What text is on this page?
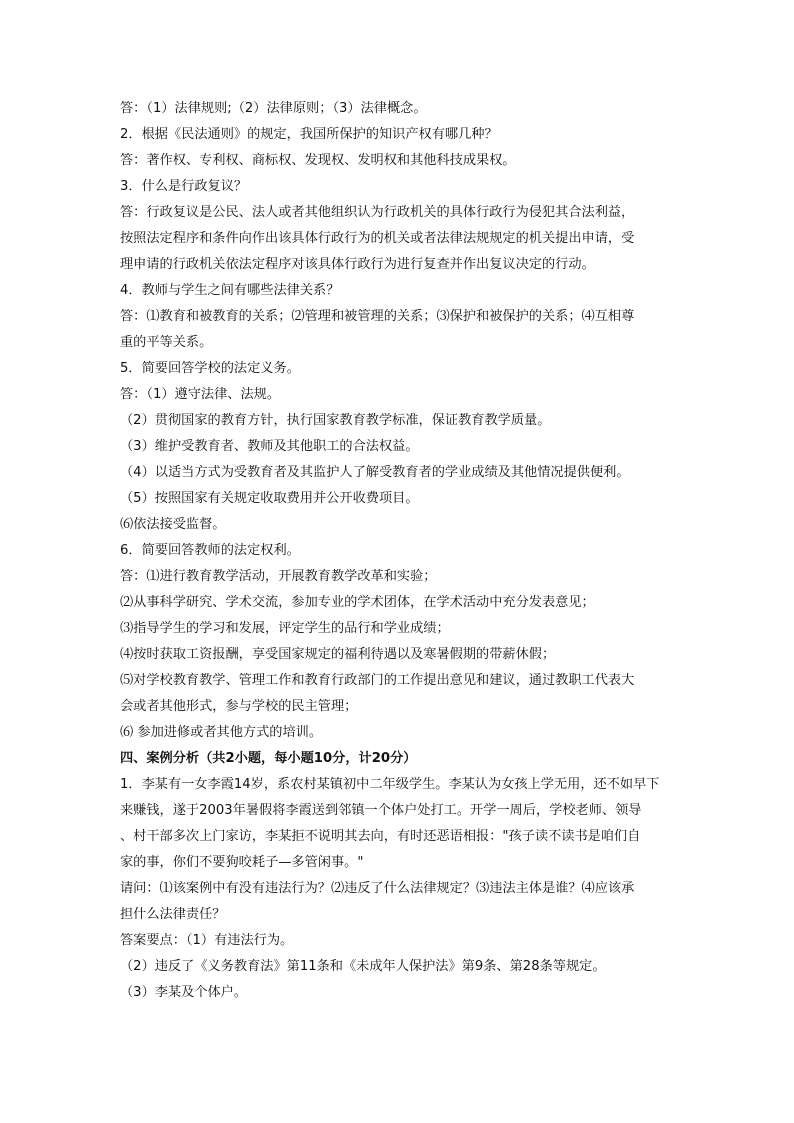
答：（1）法律规则;（2）法律原则；（3）法律概念。
2．根据《民法通则》的规定，我国所保护的知识产权有哪几种？
答：著作权、专利权、商标权、发现权、发明权和其他科技成果权。
3．什么是行政复议？
答：行政复议是公民、法人或者其他组织认为行政机关的具体行政行为侵犯其合法利益，
按照法定程序和条件向作出该具体行政行为的机关或者法律法规规定的机关提出申请，受
理申请的行政机关依法定程序对该具体行政行为进行复查并作出复议决定的行动。
4．教师与学生之间有哪些法律关系？
答：⑴教育和被教育的关系；⑵管理和被管理的关系；⑶保护和被保护的关系；⑷互相尊
重的平等关系。
5．简要回答学校的法定义务。
答：（1）遵守法律、法规。
（2）贯彻国家的教育方针，执行国家教育教学标准，保证教育教学质量。
（3）维护受教育者、教师及其他职工的合法权益。
（4）以适当方式为受教育者及其监护人了解受教育者的学业成绩及其他情况提供便利。
（5）按照国家有关规定收取费用并公开收费项目。
⑹依法接受监督。
6．简要回答教师的法定权利。
答：⑴进行教育教学活动，开展教育教学改革和实验；
⑵从事科学研究、学术交流，参加专业的学术团体，在学术活动中充分发表意见；
⑶指导学生的学习和发展，评定学生的品行和学业成绩；
⑷按时获取工资报酬，享受国家规定的福利待遇以及寒暑假期的带薪休假；
⑸对学校教育教学、管理工作和教育行政部门的工作提出意见和建议，通过教职工代表大
会或者其他形式，参与学校的民主管理；
⑹ 参加进修或者其他方式的培训。
四、案例分析（共2小题，每小题10分，计20分）
1．李某有一女李霞14岁，系农村某镇初中二年级学生。李某认为女孩上学无用，还不如早下
来赚钱，遂于2003年暑假将李霞送到邻镇一个体户处打工。开学一周后，学校老师、领导
、村干部多次上门家访，李某拒不说明其去向，有时还恶语相报："孩子读不读书是咱们自
家的事，你们不要狗咬耗子—多管闲事。"
请问：⑴该案例中有没有违法行为？⑵违反了什么法律规定？⑶违法主体是谁？⑷应该承
担什么法律责任？
答案要点：（1）有违法行为。
（2）违反了《义务教育法》第11条和《未成年人保护法》第9条、第28条等规定。
（3）李某及个体户。
